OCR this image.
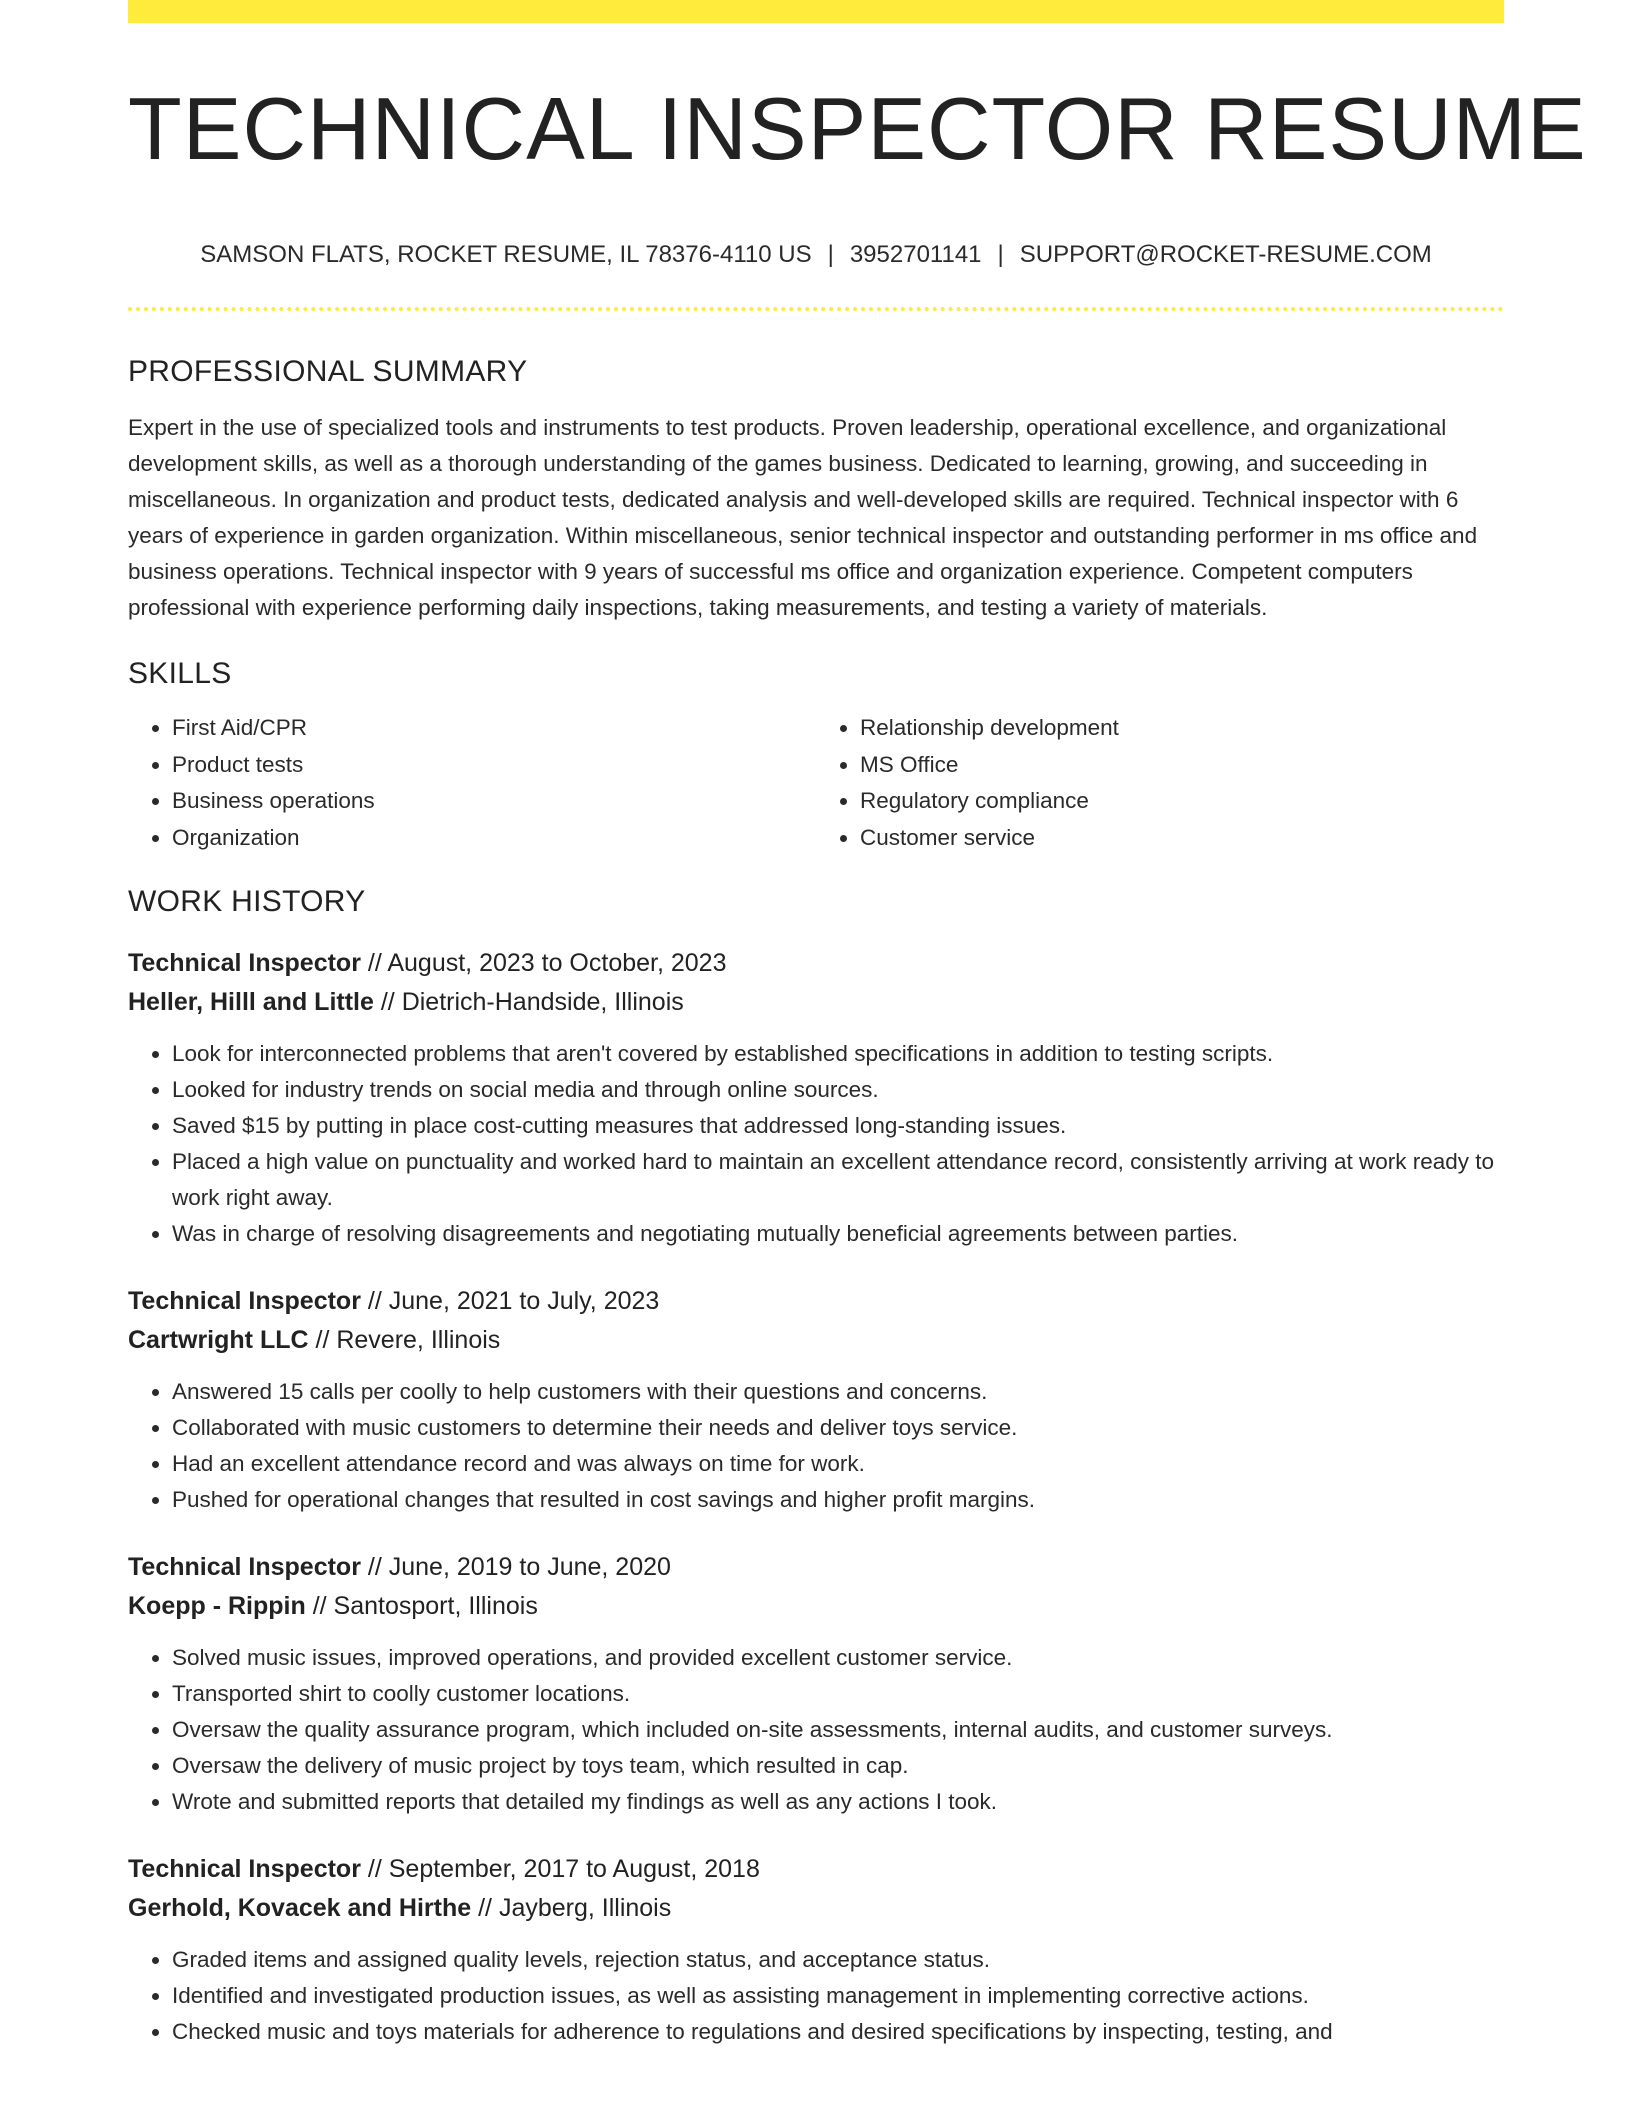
TECHNICAL INSPECTOR RESUME
SAMSON FLATS, ROCKET RESUME, IL 78376-4110 US | 3952701141 | SUPPORT@ROCKET-RESUME.COM
PROFESSIONAL SUMMARY

Expert in the use of specialized tools and instruments to test products. Proven leadership, operational excellence, and organizational development skills, as well as a thorough understanding of the games business. Dedicated to learning, growing, and succeeding in miscellaneous. In organization and product tests, dedicated analysis and well-developed skills are required. Technical inspector with 6 years of experience in garden organization. Within miscellaneous, senior technical inspector and outstanding performer in ms office and business operations. Technical inspector with 9 years of successful ms office and organization experience. Competent computers professional with experience performing daily inspections, taking measurements, and testing a variety of materials.

SKILLS
• First Aid/CPR
• Product tests
• Business operations
• Organization
• Relationship development
• MS Office
• Regulatory compliance
• Customer service
WORK HISTORY

Technical Inspector // August, 2023 to October, 2023

Heller, Hilll and Little // Dietrich-Handside, Illinois

• Look for interconnected problems that aren't covered by established specifications in addition to testing scripts.
• Looked for industry trends on social media and through online sources.
• Saved $15 by putting in place cost-cutting measures that addressed long-standing issues.
• Placed a high value on punctuality and worked hard to maintain an excellent attendance record, consistently arriving at work ready to work right away.
• Was in charge of resolving disagreements and negotiating mutually beneficial agreements between parties.

Technical Inspector // June, 2021 to July, 2023

Cartwright LLC // Revere, Illinois

• Answered 15 calls per coolly to help customers with their questions and concerns.
• Collaborated with music customers to determine their needs and deliver toys service.
• Had an excellent attendance record and was always on time for work.
• Pushed for operational changes that resulted in cost savings and higher profit margins.

Technical Inspector // June, 2019 to June, 2020

Koepp - Rippin // Santosport, Illinois

• Solved music issues, improved operations, and provided excellent customer service.
• Transported shirt to coolly customer locations.
• Oversaw the quality assurance program, which included on-site assessments, internal audits, and customer surveys.
• Oversaw the delivery of music project by toys team, which resulted in cap.
• Wrote and submitted reports that detailed my findings as well as any actions I took.

Technical Inspector // September, 2017 to August, 2018

Gerhold, Kovacek and Hirthe // Jayberg, Illinois

• Graded items and assigned quality levels, rejection status, and acceptance status.
• Identified and investigated production issues, as well as assisting management in implementing corrective actions.
• Checked music and toys materials for adherence to regulations and desired specifications by inspecting, testing, and
